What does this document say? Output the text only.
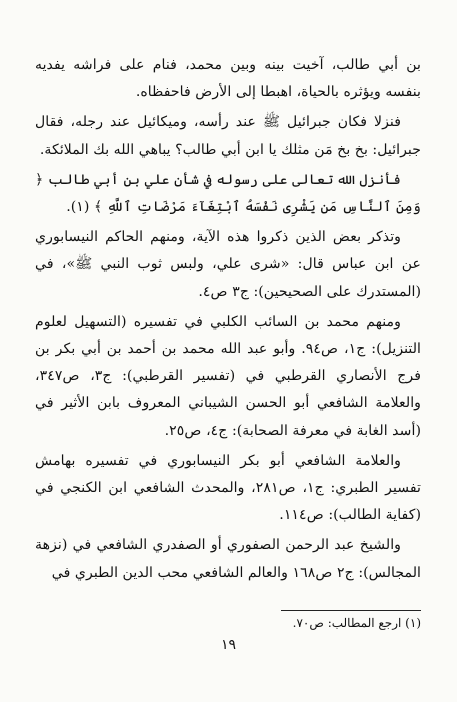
بن أبي طالب، آخيت بينه وبين محمد، فنام على فراشه يفديه بنفسه ويؤثره بالحياة، اهبطا إلى الأرض فاحفظاه.

فنزلا فكان جبرائيل ﷺ عند رأسه، وميكائيل عند رجله، فقال جبرائيل: بخ بخ مَن مثلك يا ابن أبي طالب؟ يباهي الله بك الملائكة.

فأنزل الله تعالى على رسوله في شأن علي بن أبي طالب ﴿ وَمِنَ ٱلنَّاسِ مَن يَشْرِى نَفْسَهُ ٱبْتِغَآءَ مَرْضَاتِ ٱللَّهِ ﴾ (١).

وتذكر بعض الذين ذكروا هذه الآية، ومنهم الحاكم النيسابوري عن ابن عباس قال: «شرى علي، ولبس ثوب النبي ﷺ»، في (المستدرك على الصحيحين): ج٣ ص٤.

ومنهم محمد بن السائب الكلبي في تفسيره (التسهيل لعلوم التنزيل): ج١، ص٩٤. وأبو عبد الله محمد بن أحمد بن أبي بكر بن فرج الأنصاري القرطبي في (تفسير القرطبي): ج٣، ص٣٤٧، والعلامة الشافعي أبو الحسن الشيباني المعروف بابن الأثير في (أسد الغابة في معرفة الصحابة): ج٤، ص٢٥.

والعلامة الشافعي أبو بكر النيسابوري في تفسيره بهامش تفسير الطبري: ج١، ص٢٨١، والمحدث الشافعي ابن الكنجي في (كفاية الطالب): ص١١٤.

والشيخ عبد الرحمن الصفوري أو الصفدري الشافعي في (نزهة المجالس): ج٢ ص١٦٨ والعالم الشافعي محب الدين الطبري في

(١) ارجع المطالب: ص٧٠.
١٩
